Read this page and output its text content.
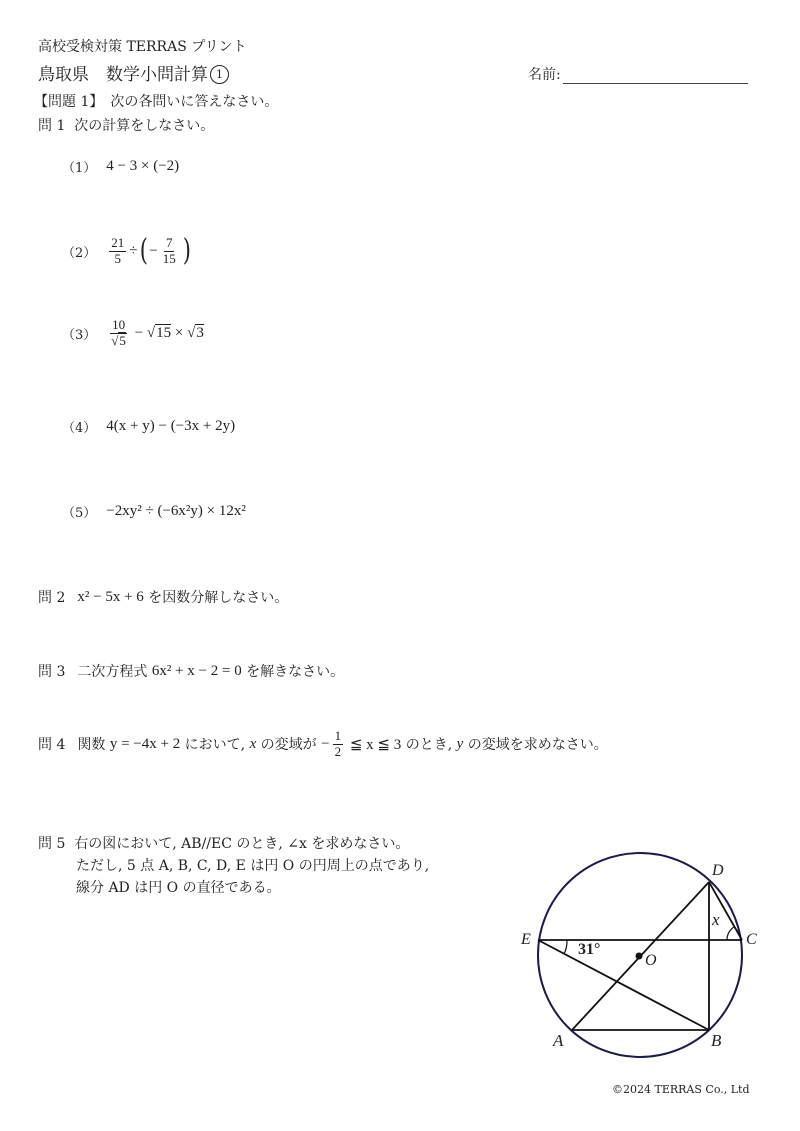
高校受検対策 TERRAS プリント
鳥取県　数学小問計算 1	名前:
【問題 1】　次の各問いに答えなさい。
問 1 次の計算をしなさい。
（1） 4 − 3 × (−2)
$(2) \frac{21}{5}$ ÷ ( − $\frac{7}{15}$ )
$(3) \frac{10}{√5} - √15 \times √3$
（4） 4(x + y) − (−3x + 2y)
（5） −2xy² ÷ (−6x²y) × 12x²
問 2 x² − 5x + 6 を因数分解しなさい。
問 3 二次方程式 6x² + x − 2 = 0 を解きなさい。
問 4 関数 y = −4x + 2 において, x の変域が − $\frac{1}{2}$ ≦ x ≦ 3 のとき, y の変域を求めなさい。
問 5 右の図において, AB//EC のとき, ∠x を求めなさい。
ただし, 5 点 A, B, C, D, E は円 O の円周上の点であり,
線分 AD は円 O の直径である。
D
C
E
A	B
O
31°
x
©2024 TERRAS Co., Ltd
